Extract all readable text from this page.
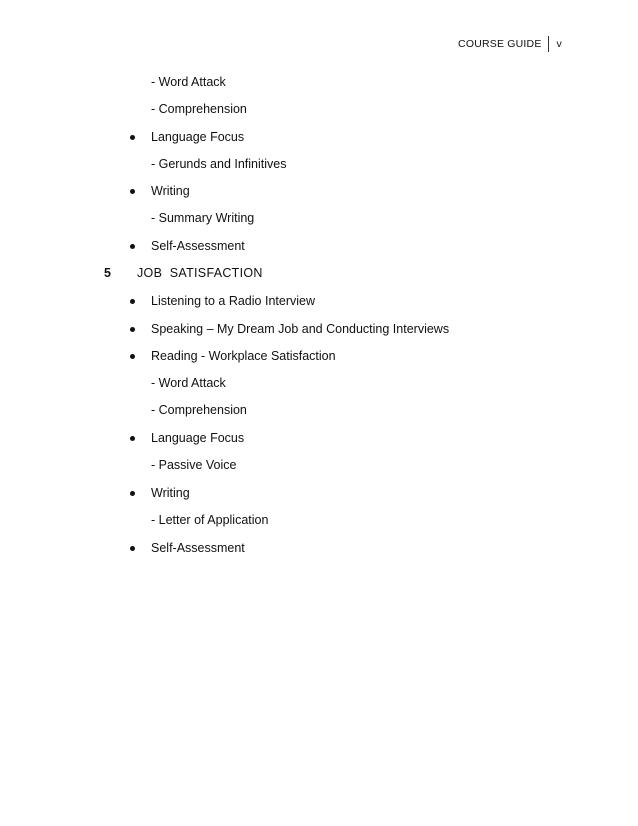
COURSE GUIDE v
- Word Attack
- Comprehension
Language Focus
- Gerunds and Infinitives
Writing
- Summary Writing
Self-Assessment
5 JOB  SATISFACTION
Listening to a Radio Interview
Speaking – My Dream Job and Conducting Interviews
Reading - Workplace Satisfaction
- Word Attack
- Comprehension
Language Focus
- Passive Voice
Writing
- Letter of Application
Self-Assessment
